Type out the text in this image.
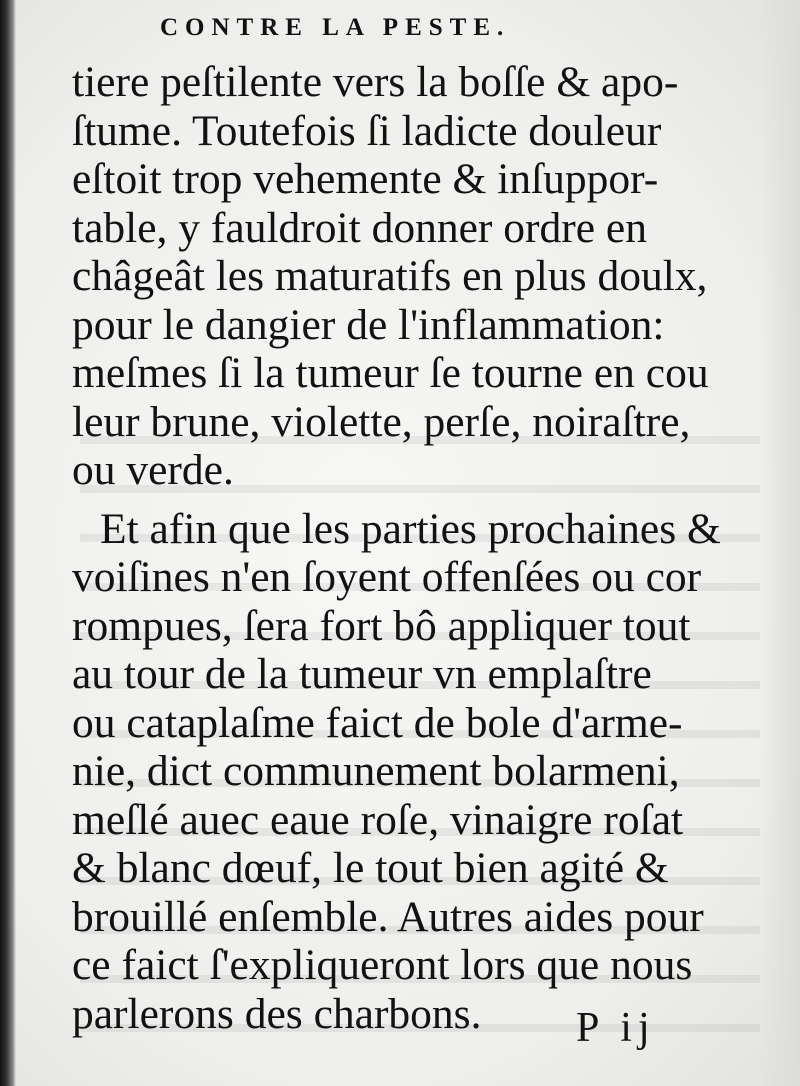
CONTRE LA PESTE.
tiere peſtilente vers la boſſe & apo-
ſtume. Toutefois ſi ladicte douleur
eſtoit trop vehemente & inſuppor-
table, y fauldroit donner ordre en
châgeât les maturatifs en plus doulx,
pour le dangier de l'inflammation:
meſmes ſi la tumeur ſe tourne en cou
leur brune, violette, perſe, noiraſtre,
ou verde.
Et afin que les parties prochaines &
voiſines n'en ſoyent offenſées ou cor
rompues, ſera fort bô appliquer tout
au tour de la tumeur vn emplaſtre
ou cataplaſme faict de bole d'arme-
nie, dict communement bolarmeni,
meſlé auec eaue roſe, vinaigre roſat
& blanc dœuf, le tout bien agité &
brouillé enſemble. Autres aides pour
ce faict ſ'expliqueront lors que nous
parlerons des charbons.	P ij
